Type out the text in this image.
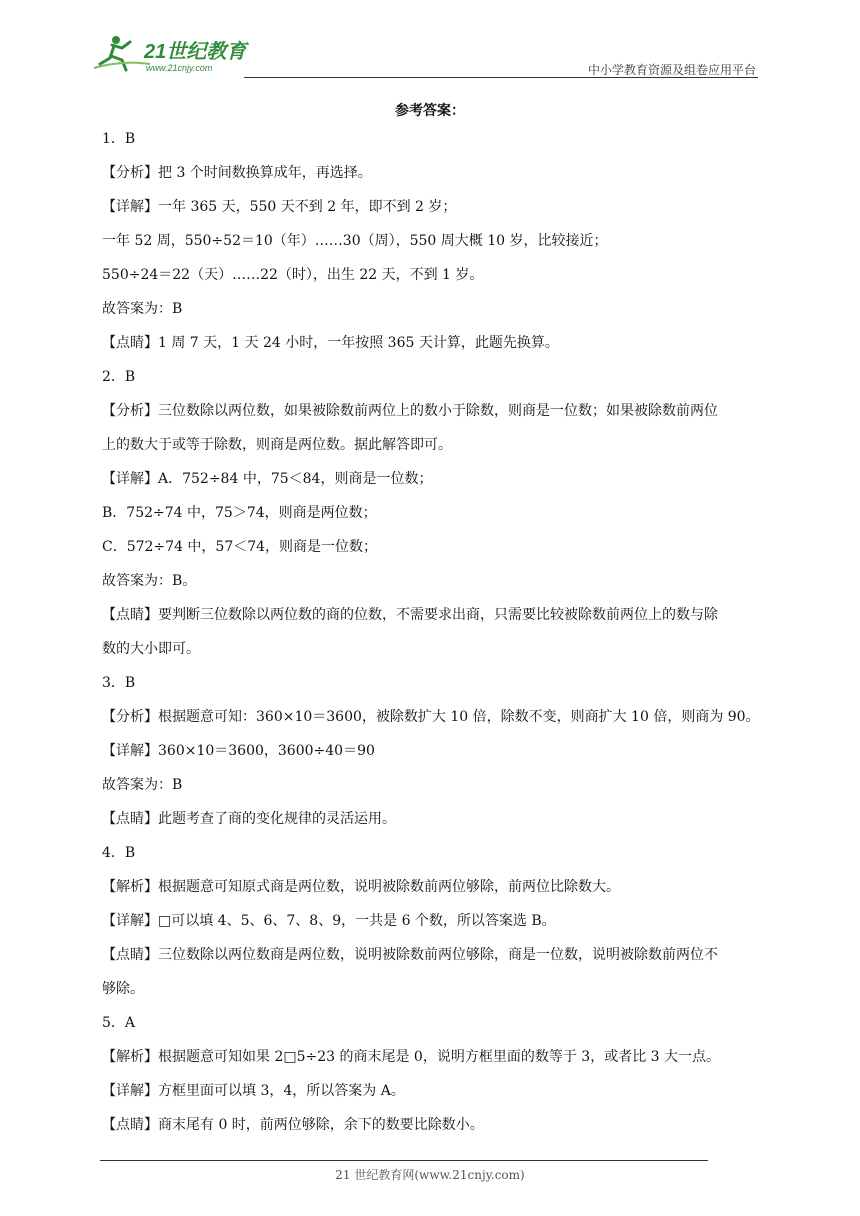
21世纪教育
www.21cnjy.com	中小学教育资源及组卷应用平台
参考答案：
1．B
【分析】把 3 个时间数换算成年，再选择。
【详解】一年 365 天，550 天不到 2 年，即不到 2 岁；
一年 52 周，550÷52＝10（年）……30（周），550 周大概 10 岁，比较接近；
550÷24＝22（天）……22（时），出生 22 天，不到 1 岁。
故答案为：B
【点睛】1 周 7 天，1 天 24 小时，一年按照 365 天计算，此题先换算。
2．B
【分析】三位数除以两位数，如果被除数前两位上的数小于除数，则商是一位数；如果被除数前两位
上的数大于或等于除数，则商是两位数。据此解答即可。
【详解】A．752÷84 中，75＜84，则商是一位数；
B．752÷74 中，75＞74，则商是两位数；
C．572÷74 中，57＜74，则商是一位数；
故答案为：B。
【点睛】要判断三位数除以两位数的商的位数，不需要求出商，只需要比较被除数前两位上的数与除
数的大小即可。
3．B
【分析】根据题意可知：360×10＝3600，被除数扩大 10 倍，除数不变，则商扩大 10 倍，则商为 90。
【详解】360×10＝3600，3600÷40＝90
故答案为：B
【点睛】此题考查了商的变化规律的灵活运用。
4．B
【解析】根据题意可知原式商是两位数，说明被除数前两位够除，前两位比除数大。
【详解】□可以填 4、5、6、7、8、9，一共是 6 个数，所以答案选 B。
【点睛】三位数除以两位数商是两位数，说明被除数前两位够除，商是一位数，说明被除数前两位不
够除。
5．A
【解析】根据题意可知如果 2□5÷23 的商末尾是 0，说明方框里面的数等于 3，或者比 3 大一点。
【详解】方框里面可以填 3，4，所以答案为 A。
【点睛】商末尾有 0 时，前两位够除，余下的数要比除数小。
21 世纪教育网(www.21cnjy.com)
